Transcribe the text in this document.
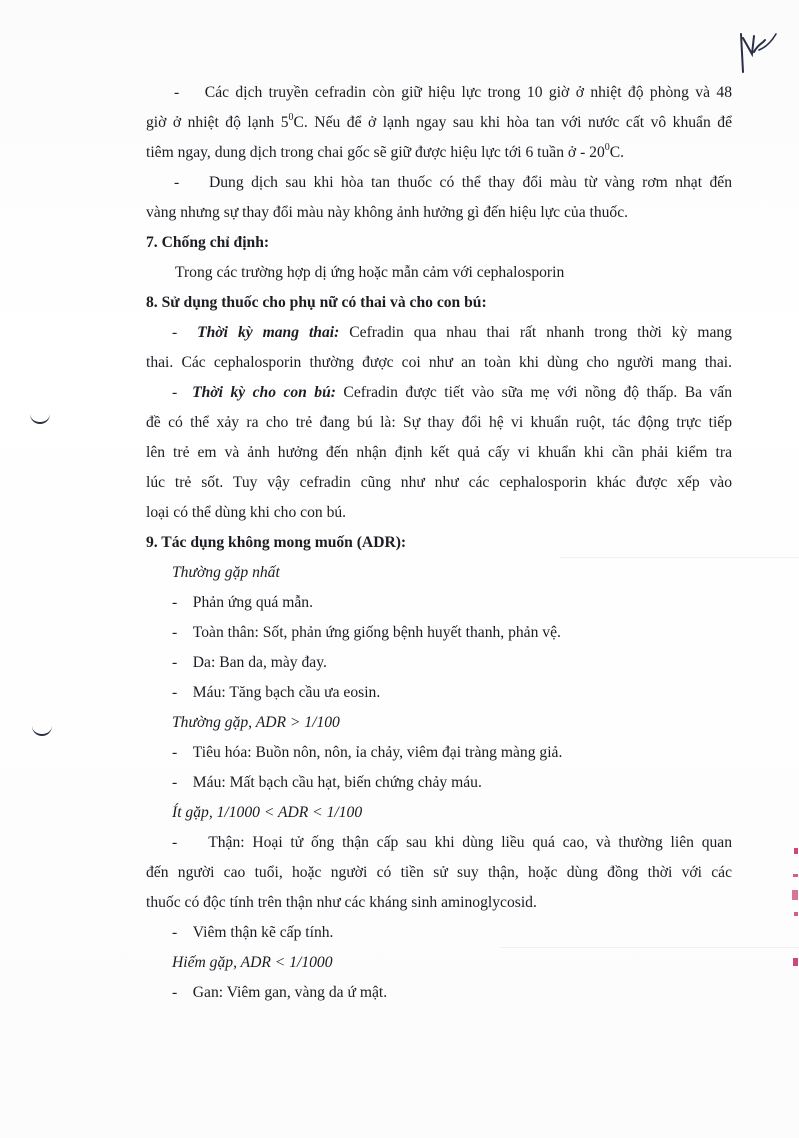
- Các dịch truyền cefradin còn giữ hiệu lực trong 10 giờ ở nhiệt độ phòng và 48
giờ ở nhiệt độ lạnh $5^0C$. Nếu để ở lạnh ngay sau khi hòa tan với nước cất vô khuẩn để
tiêm ngay, dung dịch trong chai gốc sẽ giữ được hiệu lực tới 6 tuần ở - $20^0C$.
- Dung dịch sau khi hòa tan thuốc có thể thay đổi màu từ vàng rơm nhạt đến
vàng nhưng sự thay đổi màu này không ảnh hưởng gì đến hiệu lực của thuốc.
7. Chống chỉ định:
Trong các trường hợp dị ứng hoặc mẫn cảm với cephalosporin
8. Sử dụng thuốc cho phụ nữ có thai và cho con bú:
- Thời kỳ mang thai: Cefradin qua nhau thai rất nhanh trong thời kỳ mang
thai. Các cephalosporin thường được coi như an toàn khi dùng cho người mang thai.
- Thời kỳ cho con bú: Cefradin được tiết vào sữa mẹ với nồng độ thấp. Ba vấn
đề có thể xảy ra cho trẻ đang bú là: Sự thay đổi hệ vi khuẩn ruột, tác động trực tiếp
lên trẻ em và ảnh hưởng đến nhận định kết quả cấy vi khuẩn khi cần phải kiểm tra
lúc trẻ sốt. Tuy vậy cefradin cũng như như các cephalosporin khác được xếp vào
loại có thể dùng khi cho con bú.
9. Tác dụng không mong muốn (ADR):
Thường gặp nhất
- Phản ứng quá mẫn.
- Toàn thân: Sốt, phản ứng giống bệnh huyết thanh, phản vệ.
- Da: Ban da, mày đay.
- Máu: Tăng bạch cầu ưa eosin.
Thường gặp, ADR > 1/100
- Tiêu hóa: Buồn nôn, nôn, ỉa chảy, viêm đại tràng màng giả.
- Máu: Mất bạch cầu hạt, biến chứng chảy máu.
Ít gặp, 1/1000 < ADR < 1/100
- Thận: Hoại tử ống thận cấp sau khi dùng liều quá cao, và thường liên quan
đến người cao tuổi, hoặc người có tiền sử suy thận, hoặc dùng đồng thời với các
thuốc có độc tính trên thận như các kháng sinh aminoglycosid.
- Viêm thận kẽ cấp tính.
Hiếm gặp, ADR < 1/1000
- Gan: Viêm gan, vàng da ứ mật.
